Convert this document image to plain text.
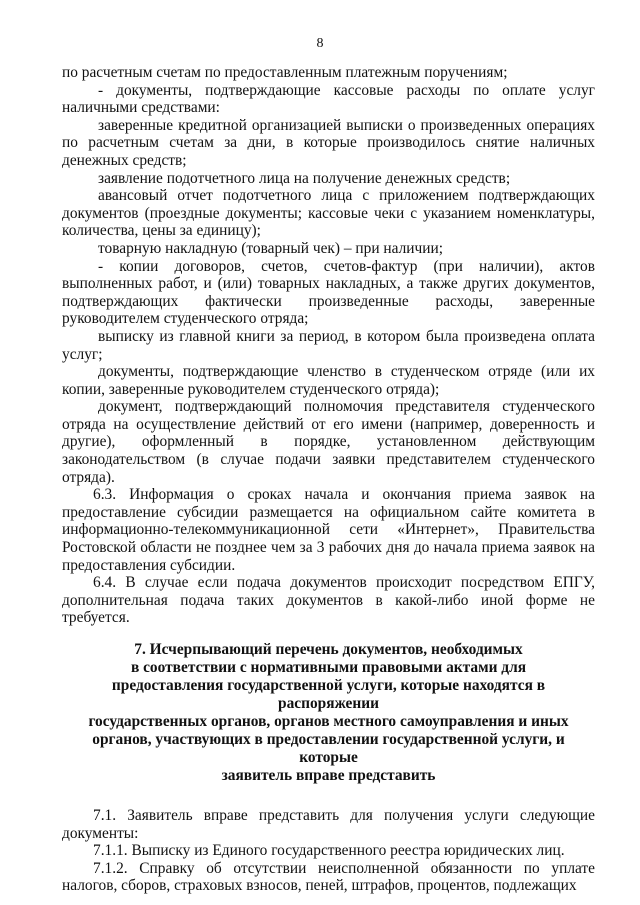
8

по расчетным счетам по предоставленным платежным поручениям;

- документы, подтверждающие кассовые расходы по оплате услуг наличными средствами:

заверенные кредитной организацией выписки о произведенных операциях по расчетным счетам за дни, в которые производилось снятие наличных денежных средств;

заявление подотчетного лица на получение денежных средств;

авансовый отчет подотчетного лица с приложением подтверждающих документов (проездные документы; кассовые чеки с указанием номенклатуры, количества, цены за единицу);

товарную накладную (товарный чек) – при наличии;

- копии договоров, счетов, счетов-фактур (при наличии), актов выполненных работ, и (или) товарных накладных, а также других документов, подтверждающих фактически произведенные расходы, заверенные руководителем студенческого отряда;

выписку из главной книги за период, в котором была произведена оплата услуг;

документы, подтверждающие членство в студенческом отряде (или их копии, заверенные руководителем студенческого отряда);

документ, подтверждающий полномочия представителя студенческого отряда на осуществление действий от его имени (например, доверенность и другие), оформленный в порядке, установленном действующим законодательством (в случае подачи заявки представителем студенческого отряда).

6.3. Информация о сроках начала и окончания приема заявок на предоставление субсидии размещается на официальном сайте комитета в информационно-телекоммуникационной сети «Интернет», Правительства Ростовской области не позднее чем за 3 рабочих дня до начала приема заявок на предоставления субсидии.

6.4. В случае если подача документов происходит посредством ЕПГУ, дополнительная подача таких документов в какой-либо иной форме не требуется.

7. Исчерпывающий перечень документов, необходимых
в соответствии с нормативными правовыми актами для
предоставления государственной услуги, которые находятся в распоряжении
государственных органов, органов местного самоуправления и иных
органов, участвующих в предоставлении государственной услуги, и которые
заявитель вправе представить

7.1. Заявитель вправе представить для получения услуги следующие документы:

7.1.1. Выписку из Единого государственного реестра юридических лиц.

7.1.2. Справку об отсутствии неисполненной обязанности по уплате налогов, сборов, страховых взносов, пеней, штрафов, процентов, подлежащих
